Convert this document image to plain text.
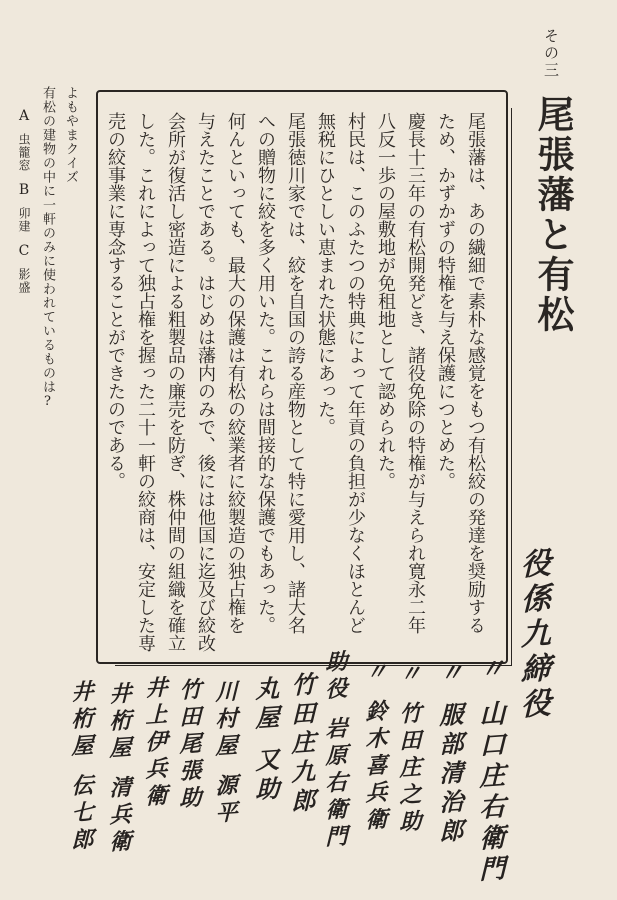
その三
尾張藩と有松

尾張藩は、あの繊細で素朴な感覚をもつ有松絞の発達を奨励する

ため、かずかずの特権を与え保護につとめた。

慶長十三年の有松開発どき、諸役免除の特権が与えられ寛永二年

八反一歩の屋敷地が免租地として認められた。

村民は、このふたつの特典によって年貢の負担が少なくほとんど

無税にひとしい恵まれた状態にあった。

尾張徳川家では、絞を自国の誇る産物として特に愛用し、諸大名

への贈物に絞を多く用いた。これらは間接的な保護でもあった。

何んといっても、最大の保護は有松の絞業者に絞製造の独占権を

与えたことである。はじめは藩内のみで、後には他国に迄及び絞改

会所が復活し密造による粗製品の廉売を防ぎ、株仲間の組織を確立

した。これによって独占権を握った二十一軒の絞商は、安定した専

売の絞事業に専念することができたのである。

よもやまクイズ

有松の建物の中に一軒のみに使われているものは?

A虫籠窓
B卯建
C影盛
役係九締役
〃 山口庄右衛門
〃 服部清治郎
〃 竹田庄之助
〃 鈴木喜兵衛
助役 岩原右衛門
竹田庄九郎
丸屋 又助
川村屋 源平
竹田尾張助
井上伊兵衛
井桁屋 清兵衛
井桁屋 伝七郎
